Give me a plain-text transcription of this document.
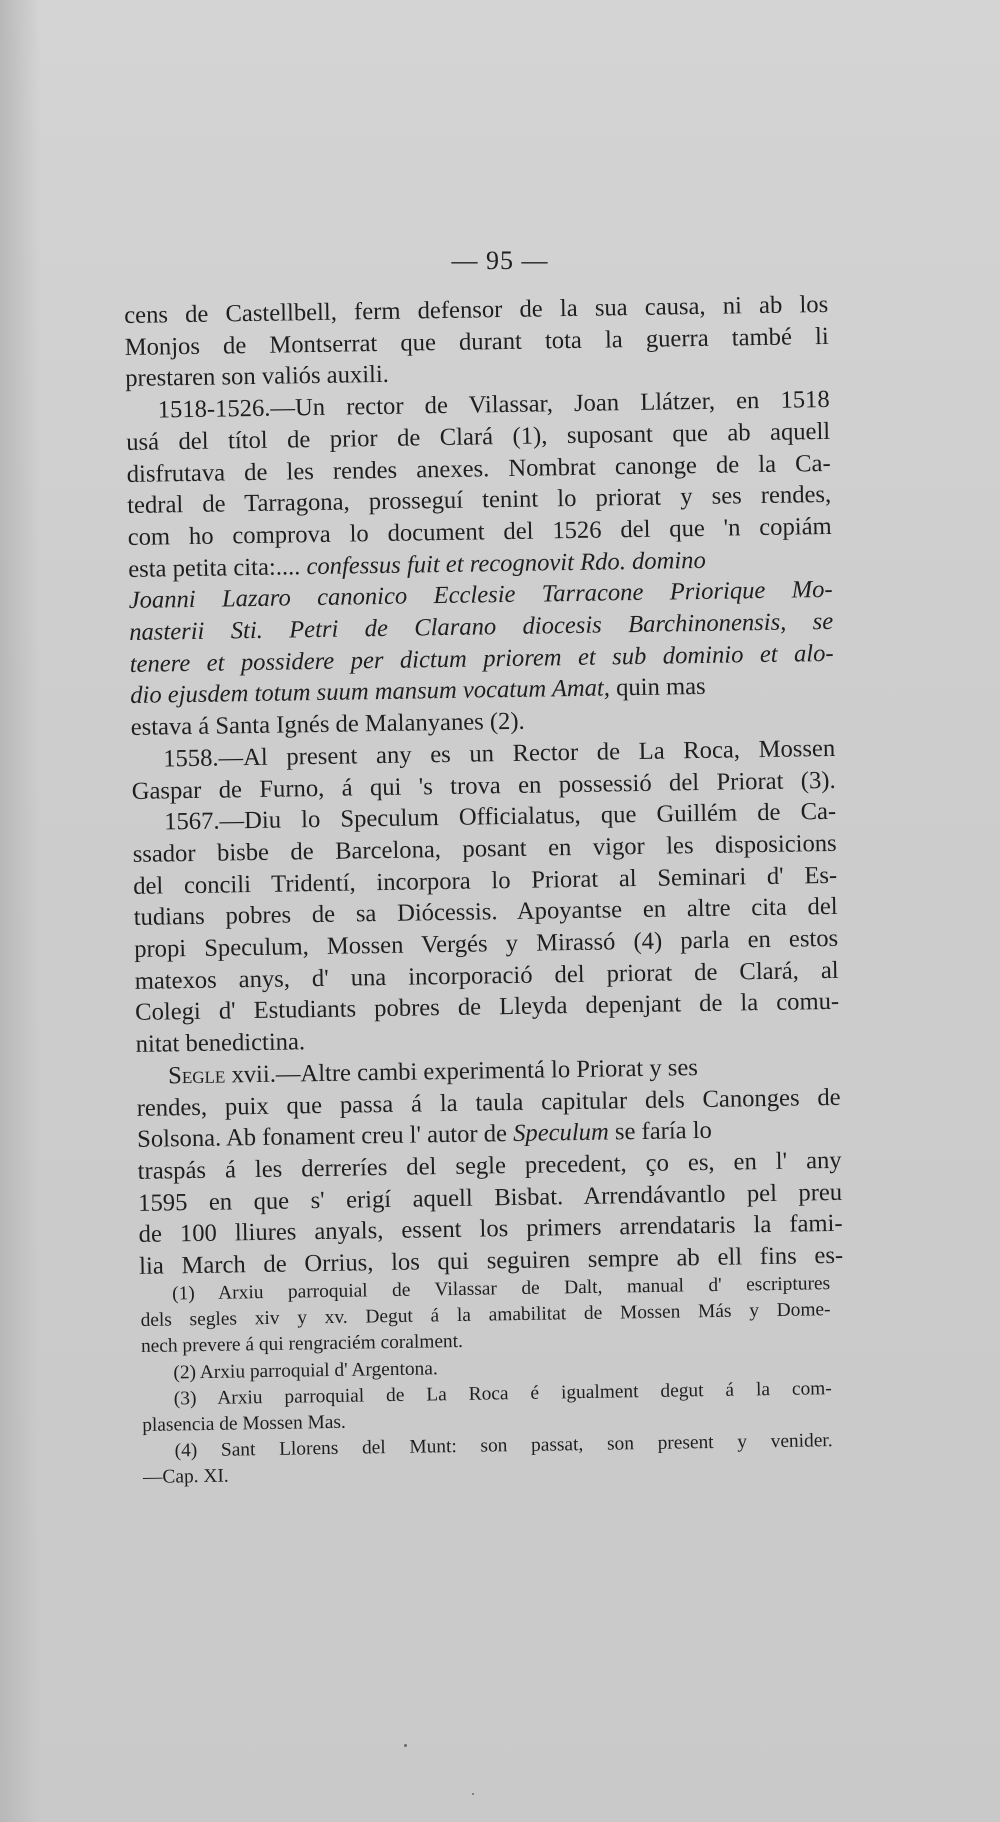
— 95 —

cens de Castellbell, ferm defensor de la sua causa, ni ab los
Monjos de Montserrat que durant tota la guerra també li
prestaren son valiós auxili.
1518-1526.—Un rector de Vilassar, Joan Llátzer, en 1518
usá del títol de prior de Clará (1), suposant que ab aquell
disfrutava de les rendes anexes. Nombrat canonge de la Ca-
tedral de Tarragona, prosseguí tenint lo priorat y ses rendes,
com ho comprova lo document del 1526 del que 'n copiám
esta petita cita:.... confessus fuit et recognovit Rdo. domino
Joanni Lazaro canonico Ecclesie Tarracone Priorique Mo-
nasterii Sti. Petri de Clarano diocesis Barchinonensis, se
tenere et possidere per dictum priorem et sub dominio et alo-
dio ejusdem totum suum mansum vocatum Amat, quin mas
estava á Santa Ignés de Malanyanes (2).
1558.—Al present any es un Rector de La Roca, Mossen
Gaspar de Furno, á qui 's trova en possessió del Priorat (3).
1567.—Diu lo Speculum Officialatus, que Guillém de Ca-
ssador bisbe de Barcelona, posant en vigor les disposicions
del concili Tridentí, incorpora lo Priorat al Seminari d' Es-
tudians pobres de sa Diócessis. Apoyantse en altre cita del
propi Speculum, Mossen Vergés y Mirassó (4) parla en estos
matexos anys, d' una incorporació del priorat de Clará, al
Colegi d' Estudiants pobres de Lleyda depenjant de la comu-
nitat benedictina.
Segle xvii.—Altre cambi experimentá lo Priorat y ses
rendes, puix que passa á la taula capitular dels Canonges de
Solsona. Ab fonament creu l' autor de Speculum se faría lo
traspás á les derreríes del segle precedent, ço es, en l' any
1595 en que s' erigí aquell Bisbat. Arrendávantlo pel preu
de 100 lliures anyals, essent los primers arrendataris la fami-
lia March de Orrius, los qui seguiren sempre ab ell fins es-
(1) Arxiu parroquial de Vilassar de Dalt, manual d' escriptures
dels segles xiv y xv. Degut á la amabilitat de Mossen Más y Dome-
nech prevere á qui rengraciém coralment.
(2) Arxiu parroquial d' Argentona.
(3) Arxiu parroquial de La Roca é igualment degut á la com-
plasencia de Mossen Mas.
(4) Sant Llorens del Munt: son passat, son present y venider.
—Cap. XI.
